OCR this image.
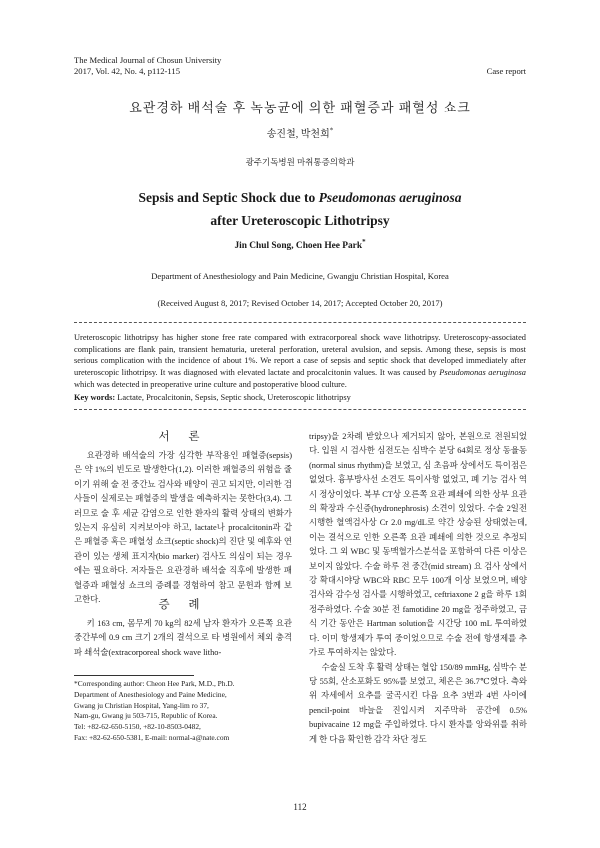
The Medical Journal of Chosun University
2017, Vol. 42, No. 4, p112-115	Case report
요관경하 배석술 후 녹농균에 의한 패혈증과 패혈성 쇼크
송진철, 박천희*
광주기독병원 마취통증의학과
Sepsis and Septic Shock due to Pseudomonas aeruginosa
after Ureteroscopic Lithotripsy
Jin Chul Song, Choen Hee Park*
Department of Anesthesiology and Pain Medicine, Gwangju Christian Hospital, Korea
(Received August 8, 2017; Revised October 14, 2017; Accepted October 20, 2017)
Ureteroscopic lithotripsy has higher stone free rate compared with extracorporeal shock wave lithotripsy. Ureteroscopy-associated complications are flank pain, transient hematuria, ureteral perforation, ureteral avulsion, and sepsis. Among these, sepsis is most serious complication with the incidence of about 1%. We report a case of sepsis and septic shock that developed immediately after ureteroscopic lithotripsy. It was diagnosed with elevated lactate and procalcitonin values. It was caused by Pseudomonas aeruginosa which was detected in preoperative urine culture and postoperative blood culture.
Key words: Lactate, Procalcitonin, Sepsis, Septic shock, Ureteroscopic lithotripsy
서 론

요관경하 배석술의 가장 심각한 부작용인 패혈증(sepsis)은 약 1%의 빈도로 발생한다(1,2). 이러한 패혈증의 위험을 줄이기 위해 술 전 중간뇨 검사와 배양이 권고 되지만, 이러한 검사들이 실제로는 패혈증의 발생을 예측하지는 못한다(3,4). 그러므로 술 후 세균 감염으로 인한 환자의 활력 상태의 변화가 있는지 유심히 지켜보아야 하고, lactate나 procalcitonin과 같은 패혈증 혹은 패혈성 쇼크(septic shock)의 진단 및 예후와 연관이 있는 생체 표지자(bio marker) 검사도 의심이 되는 경우에는 필요하다. 저자들은 요관경하 배석술 직후에 발생한 패혈증과 패혈성 쇼크의 증례를 경험하여 참고 문헌과 함께 보고한다.	증 례

키 163 cm, 몸무게 70 kg의 82세 남자 환자가 오른쪽 요관 중간부에 0.9 cm 크기 2개의 결석으로 타 병원에서 체외 충격파 쇄석술(extracorporeal shock wave litho-

tripsy)을 2차례 받았으나 제거되지 않아, 본원으로 전원되었다. 입원 시 검사한 심전도는 심박수 분당 64회로 정상 동율동(normal sinus rhythm)을 보였고, 심 초음파 상에서도 특이점은 없었다. 흉부방사선 소견도 특이사항 없었고, 폐 기능 검사 역시 정상이었다. 복부 CT상 오른쪽 요관 폐쇄에 의한 상부 요관의 확장과 수신증(hydronephrosis) 소견이 있었다. 수술 2일전 시행한 혈액검사상 Cr 2.0 mg/dL로 약간 상승된 상태였는데, 이는 결석으로 인한 오른쪽 요관 폐쇄에 의한 것으로 추정되었다. 그 외 WBC 및 동맥혈가스분석을 포함하여 다른 이상은 보이지 않았다. 수술 하루 전 중간(mid stream) 요 검사 상에서 강 확대시야당 WBC와 RBC 모두 100개 이상 보였으며, 배양검사와 감수성 검사를 시행하였고, ceftriaxone 2 g을 하루 1회 정주하였다. 수술 30분 전 famotidine 20 mg을 정주하였고, 금식 기간 동안은 Hartman solution을 시간당 100 mL 투여하였다. 이미 항생제가 투여 중이었으므로 수술 전에 항생제를 추가로 투여하지는 않았다.

수술실 도착 후 활력 상태는 혈압 150/89 mmHg, 심박수 분당 55회, 산소포화도 95%를 보였고, 체온은 36.7℃였다. 측와위 자세에서 요추를 굴곡시킨 다음 요추 3번과 4번 사이에 pencil-point 바늘을 진입시켜 지주막하 공간에 0.5% bupivacaine 12 mg을 주입하였다. 다시 환자를 앙와위를 취하게 한 다음 확인한 감각 차단 정도

*Corresponding author: Cheon Hee Park, M.D., Ph.D.
Department of Anesthesiology and Paine Medicine,
Gwang ju Christian Hospital, Yang-lim ro 37,
Nam-gu, Gwang ju 503-715, Republic of Korea.
Tel: +82-62-650-5150, +82-10-8503-0482,
Fax: +82-62-650-5381, E-mail: normal-a@nate.com
112
